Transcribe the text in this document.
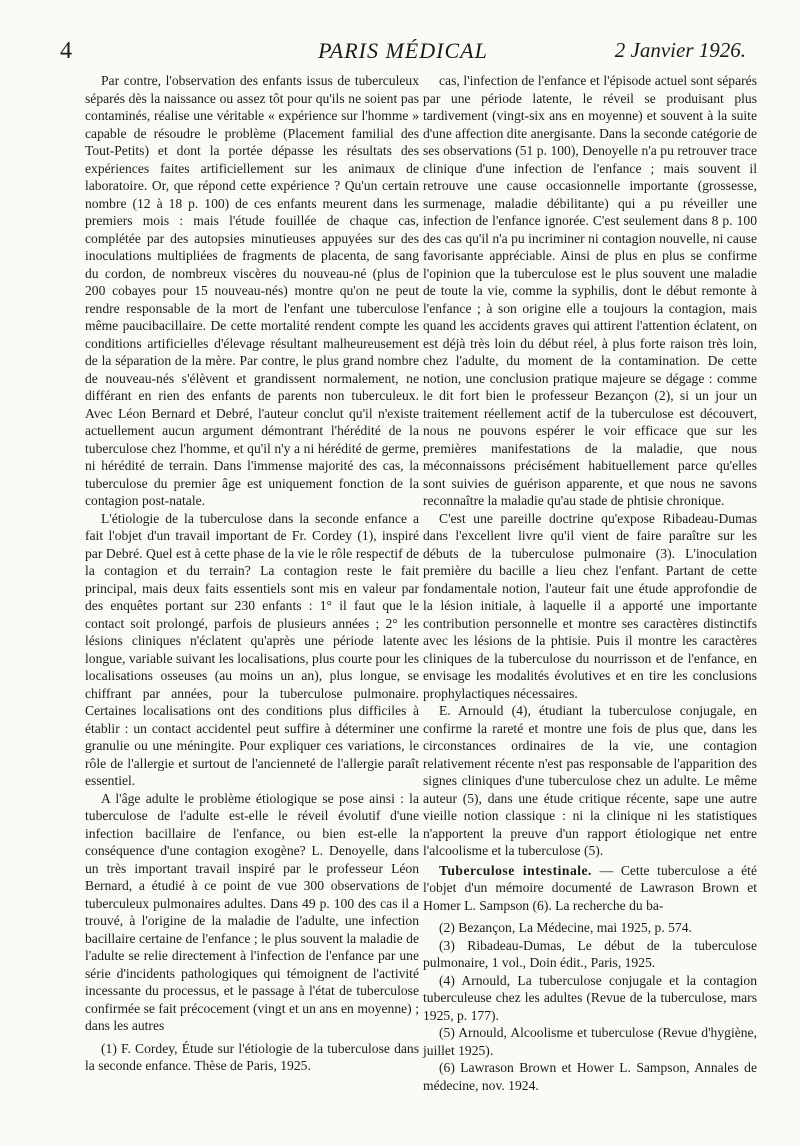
4	PARIS MÉDICAL	2 Janvier 1926.

Par contre, l'observation des enfants issus de tuberculeux séparés dès la naissance ou assez tôt pour qu'ils ne soient pas contaminés, réalise une véritable « expérience sur l'homme » capable de résoudre le problème (Placement familial des Tout-Petits) et dont la portée dépasse les résultats des expériences faites artificiellement sur les animaux de laboratoire. Or, que répond cette expérience ? Qu'un certain nombre (12 à 18 p. 100) de ces enfants meurent dans les premiers mois : mais l'étude fouillée de chaque cas, complétée par des autopsies minutieuses appuyées sur des inoculations multipliées de fragments de placenta, de sang du cordon, de nombreux viscères du nouveau-né (plus de 200 cobayes pour 15 nouveau-nés) montre qu'on ne peut rendre responsable de la mort de l'enfant une tuberculose même paucibacillaire. De cette mortalité rendent compte les conditions artificielles d'élevage résultant malheureusement de la séparation de la mère. Par contre, le plus grand nombre de nouveau-nés s'élèvent et grandissent normalement, ne différant en rien des enfants de parents non tuberculeux. Avec Léon Bernard et Debré, l'auteur conclut qu'il n'existe actuellement aucun argument démontrant l'hérédité de la tuberculose chez l'homme, et qu'il n'y a ni hérédité de germe, ni hérédité de terrain. Dans l'immense majorité des cas, la tuberculose du premier âge est uniquement fonction de la contagion post-natale.

L'étiologie de la tuberculose dans la seconde enfance a fait l'objet d'un travail important de Fr. Cordey (1), inspiré par Debré. Quel est à cette phase de la vie le rôle respectif de la contagion et du terrain? La contagion reste le fait principal, mais deux faits essentiels sont mis en valeur par des enquêtes portant sur 230 enfants : 1° il faut que le contact soit prolongé, parfois de plusieurs années ; 2° les lésions cliniques n'éclatent qu'après une période latente longue, variable suivant les localisations, plus courte pour les localisations osseuses (au moins un an), plus longue, se chiffrant par années, pour la tuberculose pulmonaire. Certaines localisations ont des conditions plus difficiles à établir : un contact accidentel peut suffire à déterminer une granulie ou une méningite. Pour expliquer ces variations, le rôle de l'allergie et surtout de l'ancienneté de l'allergie paraît essentiel.

A l'âge adulte le problème étiologique se pose ainsi : la tuberculose de l'adulte est-elle le réveil évolutif d'une infection bacillaire de l'enfance, ou bien est-elle la conséquence d'une contagion exogène? L. Denoyelle, dans un très important travail inspiré par le professeur Léon Bernard, a étudié à ce point de vue 300 observations de tuberculeux pulmonaires adultes. Dans 49 p. 100 des cas il a trouvé, à l'origine de la maladie de l'adulte, une infection bacillaire certaine de l'enfance ; le plus souvent la maladie de l'adulte se relie directement à l'infection de l'enfance par une série d'incidents pathologiques qui témoignent de l'activité incessante du processus, et le passage à l'état de tuberculose confirmée se fait précocement (vingt et un ans en moyenne) ; dans les autres

(1) F. Cordey, Étude sur l'étiologie de la tuberculose dans la seconde enfance. Thèse de Paris, 1925.

cas, l'infection de l'enfance et l'épisode actuel sont séparés par une période latente, le réveil se produisant plus tardivement (vingt-six ans en moyenne) et souvent à la suite d'une affection dite anergisante. Dans la seconde catégorie de ses observations (51 p. 100), Denoyelle n'a pu retrouver trace clinique d'une infection de l'enfance ; mais souvent il retrouve une cause occasionnelle importante (grossesse, surmenage, maladie débilitante) qui a pu réveiller une infection de l'enfance ignorée. C'est seulement dans 8 p. 100 des cas qu'il n'a pu incriminer ni contagion nouvelle, ni cause favorisante appréciable. Ainsi de plus en plus se confirme l'opinion que la tuberculose est le plus souvent une maladie de toute la vie, comme la syphilis, dont le début remonte à l'enfance ; à son origine elle a toujours la contagion, mais quand les accidents graves qui attirent l'attention éclatent, on est déjà très loin du début réel, à plus forte raison très loin, chez l'adulte, du moment de la contamination. De cette notion, une conclusion pratique majeure se dégage : comme le dit fort bien le professeur Bezançon (2), si un jour un traitement réellement actif de la tuberculose est découvert, nous ne pouvons espérer le voir efficace que sur les premières manifestations de la maladie, que nous méconnaissons précisément habituellement parce qu'elles sont suivies de guérison apparente, et que nous ne savons reconnaître la maladie qu'au stade de phtisie chronique.

C'est une pareille doctrine qu'expose Ribadeau-Dumas dans l'excellent livre qu'il vient de faire paraître sur les débuts de la tuberculose pulmonaire (3). L'inoculation première du bacille a lieu chez l'enfant. Partant de cette fondamentale notion, l'auteur fait une étude approfondie de la lésion initiale, à laquelle il a apporté une importante contribution personnelle et montre ses caractères distinctifs avec les lésions de la phtisie. Puis il montre les caractères cliniques de la tuberculose du nourrisson et de l'enfance, en envisage les modalités évolutives et en tire les conclusions prophylactiques nécessaires.

E. Arnould (4), étudiant la tuberculose conjugale, en confirme la rareté et montre une fois de plus que, dans les circonstances ordinaires de la vie, une contagion relativement récente n'est pas responsable de l'apparition des signes cliniques d'une tuberculose chez un adulte. Le même auteur (5), dans une étude critique récente, sape une autre vieille notion classique : ni la clinique ni les statistiques n'apportent la preuve d'un rapport étiologique net entre l'alcoolisme et la tuberculose (5).

Tuberculose intestinale. — Cette tuberculose a été l'objet d'un mémoire documenté de Lawrason Brown et Homer L. Sampson (6). La recherche du ba-

(2) Bezançon, La Médecine, mai 1925, p. 574.

(3) Ribadeau-Dumas, Le début de la tuberculose pulmonaire, 1 vol., Doin édit., Paris, 1925.

(4) Arnould, La tuberculose conjugale et la contagion tuberculeuse chez les adultes (Revue de la tuberculose, mars 1925, p. 177).

(5) Arnould, Alcoolisme et tuberculose (Revue d'hygiène, juillet 1925).

(6) Lawrason Brown et Hower L. Sampson, Annales de médecine, nov. 1924.
